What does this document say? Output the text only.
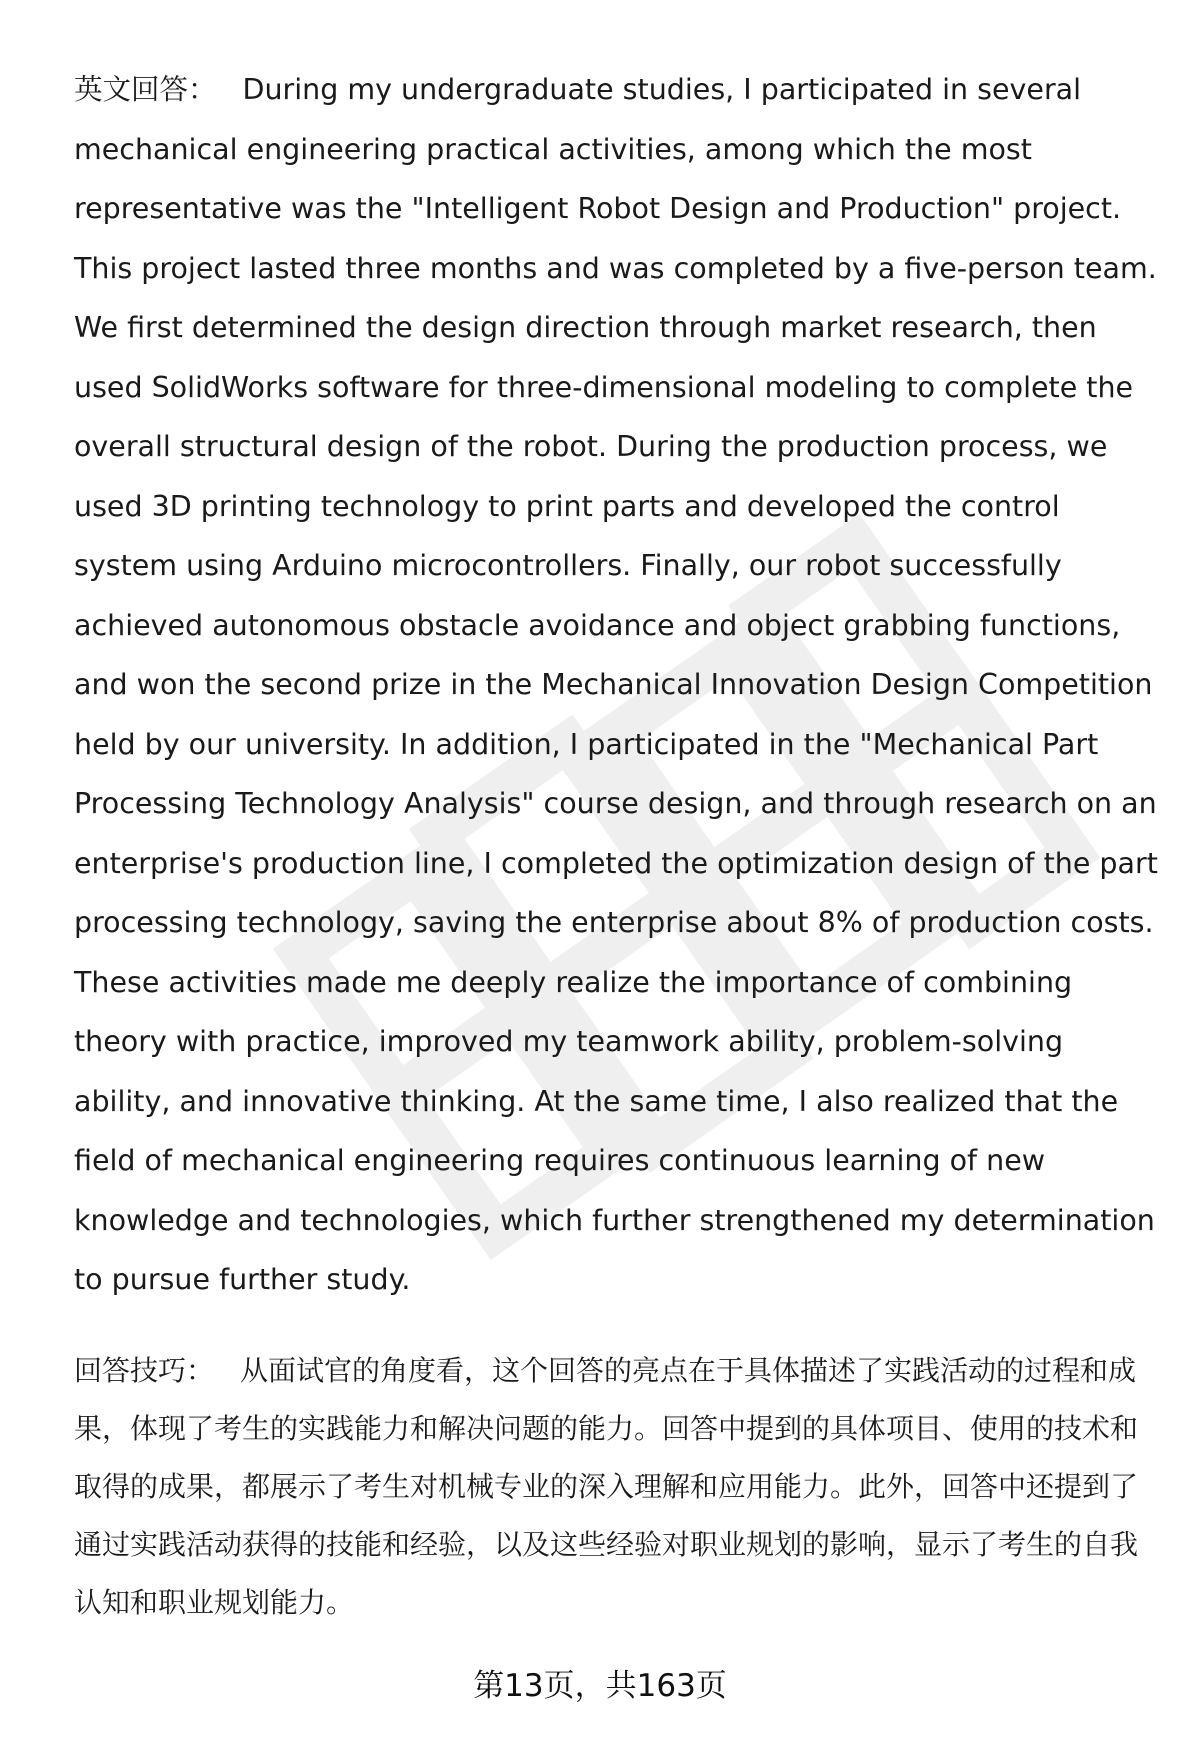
英文回答： During my undergraduate studies, I participated in several mechanical engineering practical activities, among which the most representative was the "Intelligent Robot Design and Production" project. This project lasted three months and was completed by a five-person team. We first determined the design direction through market research, then used SolidWorks software for three-dimensional modeling to complete the overall structural design of the robot. During the production process, we used 3D printing technology to print parts and developed the control system using Arduino microcontrollers. Finally, our robot successfully achieved autonomous obstacle avoidance and object grabbing functions, and won the second prize in the Mechanical Innovation Design Competition held by our university. In addition, I participated in the "Mechanical Part Processing Technology Analysis" course design, and through research on an enterprise's production line, I completed the optimization design of the part processing technology, saving the enterprise about 8% of production costs. These activities made me deeply realize the importance of combining theory with practice, improved my teamwork ability, problem-solving ability, and innovative thinking. At the same time, I also realized that the field of mechanical engineering requires continuous learning of new knowledge and technologies, which further strengthened my determination to pursue further study.

回答技巧： 从面试官的角度看，这个回答的亮点在于具体描述了实践活动的过程和成果，体现了考生的实践能力和解决问题的能力。回答中提到的具体项目、使用的技术和取得的成果，都展示了考生对机械专业的深入理解和应用能力。此外，回答中还提到了通过实践活动获得的技能和经验，以及这些经验对职业规划的影响，显示了考生的自我认知和职业规划能力。

第13页，共163页
